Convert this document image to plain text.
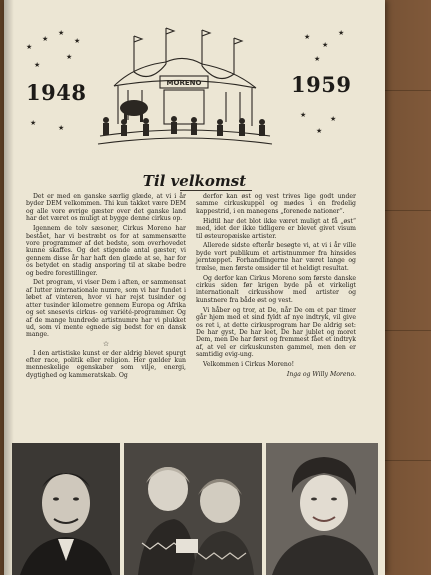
★
★
★
★
★
★
★
★
★
★
★
★
★	★
★
1948	1959
MORENO
Til velkomst

Det er med en ganske særlig glæde, at vi i år byder DEM velkommen. Thi kun takket være DEM og alle vore øvrige gæster over det ganske land har det været os muligt at bygge denne cirkus op.

Igennem de tolv sæsoner, Cirkus Moreno har bestået, har vi bestræbt os for at sammensætte vore programmer af det bedste, som overhovedet kunne skaffes. Og det stigende antal gæster, vi gennem disse år har haft den glæde at se, har for os betydet en stadig ansporing til at skabe bedre og bedre forestillinger.

Det program, vi viser Dem i aften, er sammensat af lutter internationale numre, som vi har fundet i løbet af vinteren, hvor vi har rejst tusinder og atter tusinder kilometre gennem Europa og Afrika og set snesevis cirkus- og variété-programmer. Og af de mange hundrede artistnumre har vi plukket ud, som vi mente egnede sig bedst for en dansk mange.

☆

I den artistiske kunst er der aldrig blevet spurgt efter race, politik eller religion. Her gælder kun menneskelige egenskaber som vilje, energi, dygtighed og kammeratskab. Og

derfor kan øst og vest trives lige godt under samme cirkuskuppel og mødes i en fredelig kappestrid, i en manegens „forenede nationer“.

Hidtil har det blot ikke været muligt at få „øst“ med, idet der ikke tidligere er blevet givet visum til østeuropæiske artister.

Allerede sidste efterår besøgte vi, at vi i år ville byde vort publikum et artistnummer fra hinsides jerntæppet. Forhandlingerne har været lange og trælse, men første omsider til et heldigt resultat.

Og derfor kan Cirkus Moreno som første danske cirkus siden før krigen byde på et virkeligt internationalt cirkusshow med artister og kunstnere fra både øst og vest.

Vi håber og tror, at De, når De om et par timer går hjem med et sind fyldt af nye indtryk, vil give os ret i, at dette cirkusprogram har De aldrig set: De har gyst, De har leet, De har jublet og moret Dem, men De har først og fremmest fået et indtryk af, at vel er cirkuskunsten gammel, men den er samtidig evig-ung.

Velkommen i Cirkus Moreno!

Inga og Willy Moreno.
